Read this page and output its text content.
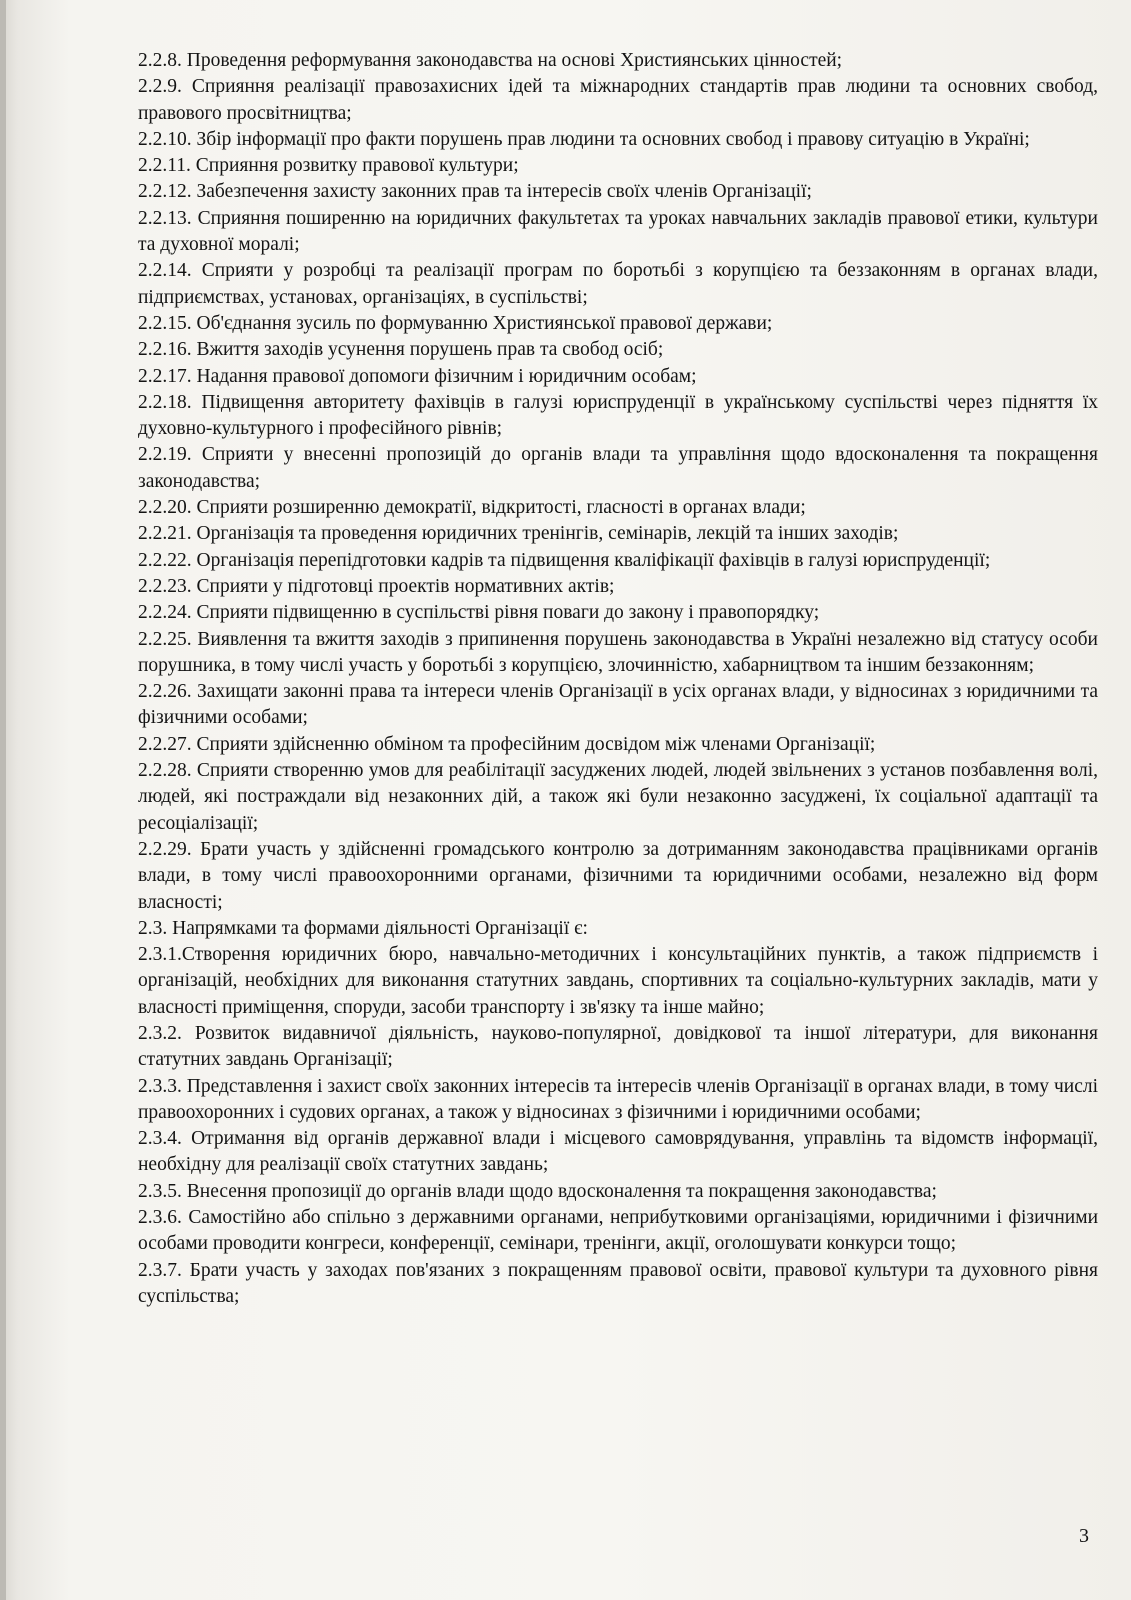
2.2.8. Проведення реформування законодавства на основі Християнських цінностей;

2.2.9. Сприяння реалізації правозахисних ідей та міжнародних стандартів прав людини та основних свобод, правового просвітництва;

2.2.10. Збір інформації про факти порушень прав людини та основних свобод і правову ситуацію в Україні;

2.2.11. Сприяння розвитку правової культури;

2.2.12. Забезпечення захисту законних прав та інтересів своїх членів Організації;

2.2.13. Сприяння поширенню на юридичних факультетах та уроках навчальних закладів правової етики, культури та духовної моралі;

2.2.14. Сприяти у розробці та реалізації програм по боротьбі з корупцією та беззаконням в органах влади, підприємствах, установах, організаціях, в суспільстві;

2.2.15. Об'єднання зусиль по формуванню Християнської правової держави;

2.2.16. Вжиття заходів усунення порушень прав та свобод осіб;

2.2.17. Надання правової допомоги фізичним і юридичним особам;

2.2.18. Підвищення авторитету фахівців в галузі юриспруденції в українському суспільстві через підняття їх духовно-культурного і професійного рівнів;

2.2.19. Сприяти у внесенні пропозицій до органів влади та управління щодо вдосконалення та покращення законодавства;

2.2.20. Сприяти розширенню демократії, відкритості, гласності в органах влади;

2.2.21. Організація та проведення юридичних тренінгів, семінарів, лекцій та інших заходів;

2.2.22. Організація перепідготовки кадрів та підвищення кваліфікації фахівців в галузі юриспруденції;

2.2.23. Сприяти у підготовці проектів нормативних актів;

2.2.24. Сприяти підвищенню в суспільстві рівня поваги до закону і правопорядку;

2.2.25. Виявлення та вжиття заходів з припинення порушень законодавства в Україні незалежно від статусу особи порушника, в тому числі участь у боротьбі з корупцією, злочинністю, хабарництвом та іншим беззаконням;

2.2.26. Захищати законні права та інтереси членів Організації в усіх органах влади, у відносинах з юридичними та фізичними особами;

2.2.27. Сприяти здійсненню обміном та професійним досвідом між членами Організації;

2.2.28. Сприяти створенню умов для реабілітації засуджених людей, людей звільнених з установ позбавлення волі, людей, які постраждали від незаконних дій, а також які були незаконно засуджені, їх соціальної адаптації та ресоціалізації;

2.2.29. Брати участь у здійсненні громадського контролю за дотриманням законодавства працівниками органів влади, в тому числі правоохоронними органами, фізичними та юридичними особами, незалежно від форм власності;

2.3. Напрямками та формами діяльності Організації є:

2.3.1.Створення юридичних бюро, навчально-методичних і консультаційних пунктів, а також підприємств і організацій, необхідних для виконання статутних завдань, спортивних та соціально-культурних закладів, мати у власності приміщення, споруди, засоби транспорту і зв'язку та інше майно;

2.3.2. Розвиток видавничої діяльність, науково-популярної, довідкової та іншої літератури, для виконання статутних завдань Організації;

2.3.3. Представлення і захист своїх законних інтересів та інтересів членів Організації в органах влади, в тому числі правоохоронних і судових органах, а також у відносинах з фізичними і юридичними особами;

2.3.4. Отримання від органів державної влади і місцевого самоврядування, управлінь та відомств інформації, необхідну для реалізації своїх статутних завдань;

2.3.5. Внесення пропозиції до органів влади щодо вдосконалення та покращення законодавства;

2.3.6. Самостійно або спільно з державними органами, неприбутковими організаціями, юридичними і фізичними особами проводити конгреси, конференції, семінари, тренінги, акції, оголошувати конкурси тощо;

2.3.7. Брати участь у заходах пов'язаних з покращенням правової освіти, правової культури та духовного рівня суспільства;

3
